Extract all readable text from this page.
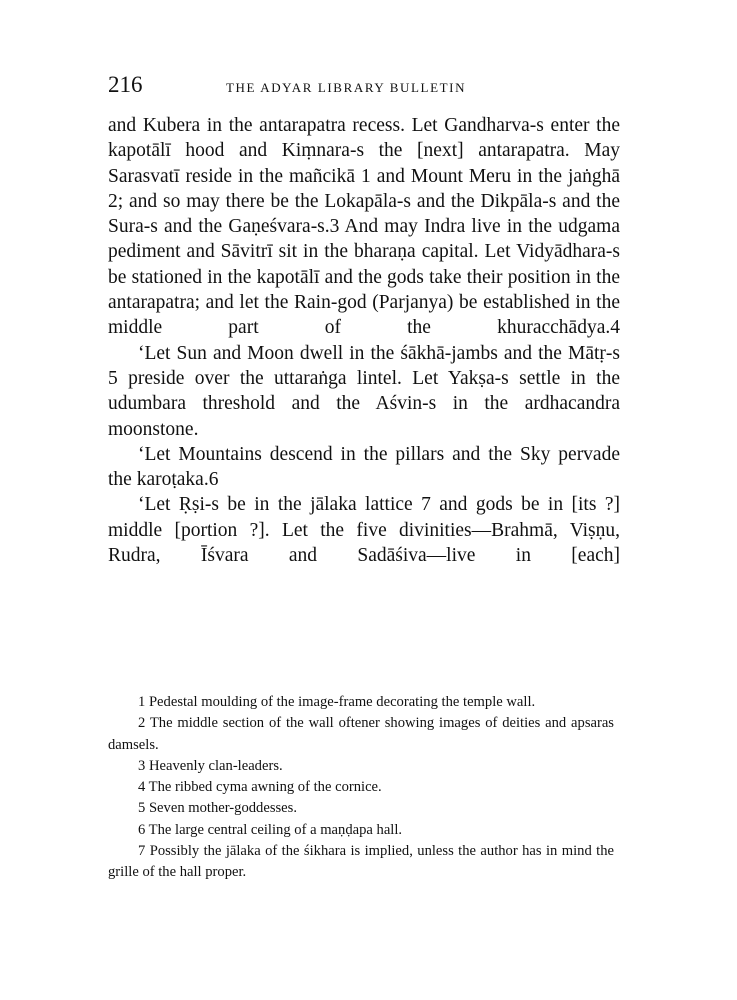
216	THE ADYAR LIBRARY BULLETIN

and Kubera in the antarapatra recess. Let Gandharva-s enter the kapotālī hood and Kiṃnara-s the [next] antarapatra. May Sarasvatī reside in the mañcikā 1 and Mount Meru in the jaṅghā 2; and so may there be the Lokapāla-s and the Dikpāla-s and the Sura-s and the Gaṇeśvara-s.3 And may Indra live in the udgama pediment and Sāvitrī sit in the bharaṇa capital. Let Vidyādhara-s be stationed in the kapotālī and the gods take their position in the antarapatra; and let the Rain-god (Parjanya) be established in the middle part of the khuracchādya.4

‘Let Sun and Moon dwell in the śākhā-jambs and the Mātṛ-s 5 preside over the uttaraṅga lintel. Let Yakṣa-s settle in the udumbara threshold and the Aśvin-s in the ardhacandra moonstone.

‘Let Mountains descend in the pillars and the Sky pervade the karoṭaka.6

‘Let Ṛṣi-s be in the jālaka lattice 7 and gods be in [its ?] middle [portion ?]. Let the five divinities—Brahmā, Viṣṇu, Rudra, Īśvara and Sadāśiva—live in [each]

1 Pedestal moulding of the image-frame decorating the temple wall.

2 The middle section of the wall oftener showing images of deities and apsaras damsels.

3 Heavenly clan-leaders.

4 The ribbed cyma awning of the cornice.

5 Seven mother-goddesses.

6 The large central ceiling of a maṇḍapa hall.

7 Possibly the jālaka of the śikhara is implied, unless the author has in mind the grille of the hall proper.
